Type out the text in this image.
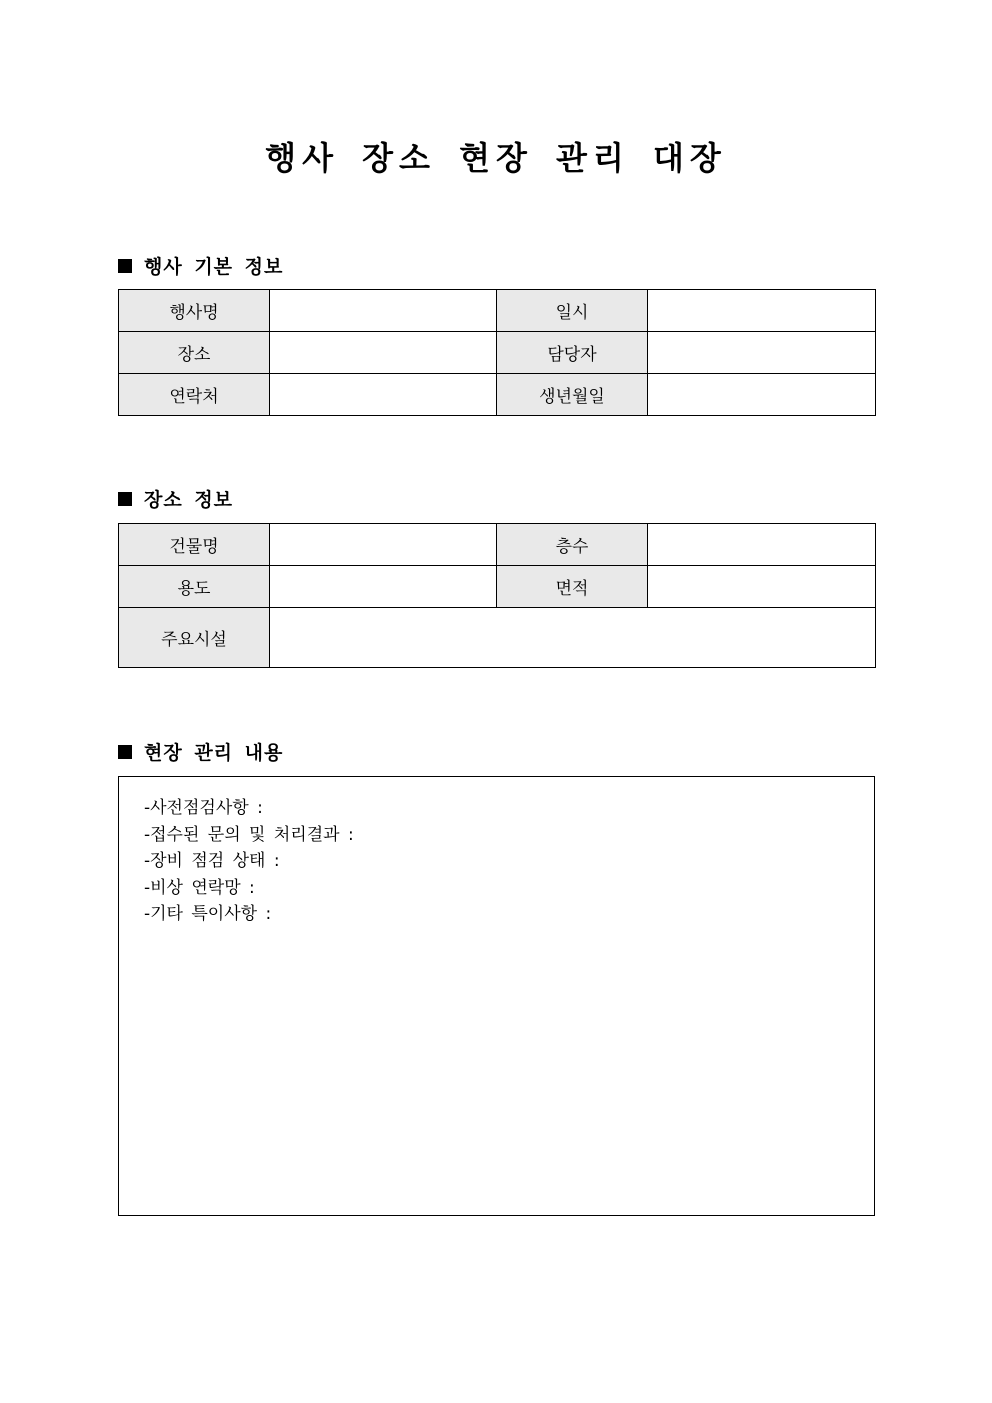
행사 장소 현장 관리 대장
행사 기본 정보
행사명		일시	
장소		담당자	
연락처		생년월일	
장소 정보
건물명		층수	
용도		면적	
주요시설			
현장 관리 내용
-사전점검사항 :
-접수된 문의 및 처리결과 :
-장비 점검 상태 :
-비상 연락망 :
-기타 특이사항 :
